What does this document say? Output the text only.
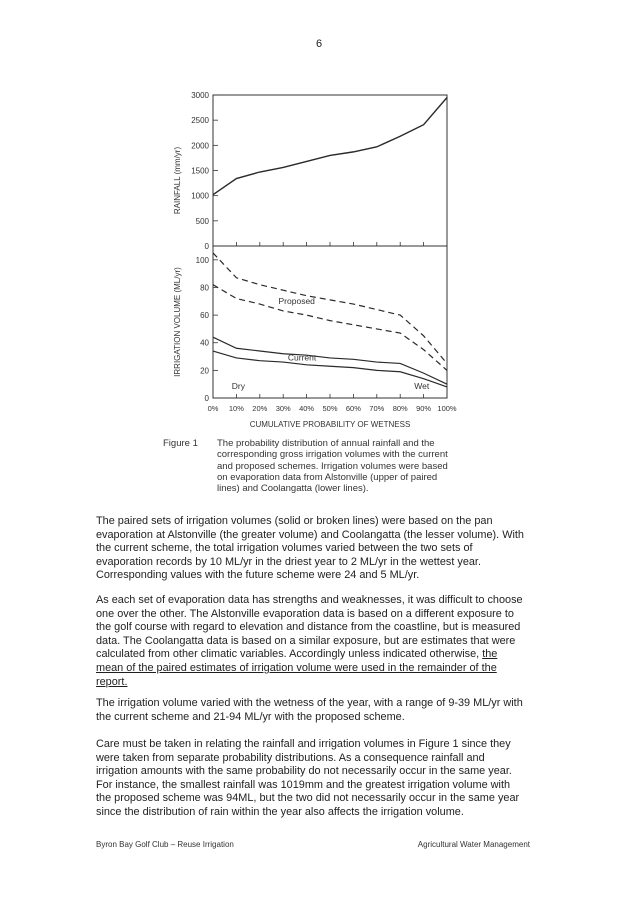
6
0
500
1000
1500
2000
2500
3000
0
20
40
60
80
100
0% 10% 20% 30% 40% 50% 60% 70% 80% 90% 100%
RAINFALL (mm/yr)
IRRIGATION VOLUME (ML/yr)
CUMULATIVE PROBABILITY OF WETNESS
Proposed
Current
Dry	Wet
Figure 1 The probability distribution of annual rainfall and the
corresponding gross irrigation volumes with the current
and proposed schemes. Irrigation volumes were based
on evaporation data from Alstonville (upper of paired
lines) and Coolangatta (lower lines).

The paired sets of irrigation volumes (solid or broken lines) were based on the pan

evaporation at Alstonville (the greater volume) and Coolangatta (the lesser volume). With

the current scheme, the total irrigation volumes varied between the two sets of

evaporation records by 10 ML/yr in the driest year to 2 ML/yr in the wettest year.

Corresponding values with the future scheme were 24 and 5 ML/yr.

As each set of evaporation data has strengths and weaknesses, it was difficult to choose

one over the other. The Alstonville evaporation data is based on a different exposure to

the golf course with regard to elevation and distance from the coastline, but is measured

data. The Coolangatta data is based on a similar exposure, but are estimates that were

calculated from other climatic variables. Accordingly unless indicated otherwise, the

mean of the paired estimates of irrigation volume were used in the remainder of the

report.

The irrigation volume varied with the wetness of the year, with a range of 9-39 ML/yr with

the current scheme and 21-94 ML/yr with the proposed scheme.

Care must be taken in relating the rainfall and irrigation volumes in Figure 1 since they

were taken from separate probability distributions. As a consequence rainfall and

irrigation amounts with the same probability do not necessarily occur in the same year.

For instance, the smallest rainfall was 1019mm and the greatest irrigation volume with

the proposed scheme was 94ML, but the two did not necessarily occur in the same year

since the distribution of rain within the year also affects the irrigation volume.

Byron Bay Golf Club – Reuse Irrigation	Agricultural Water Management
